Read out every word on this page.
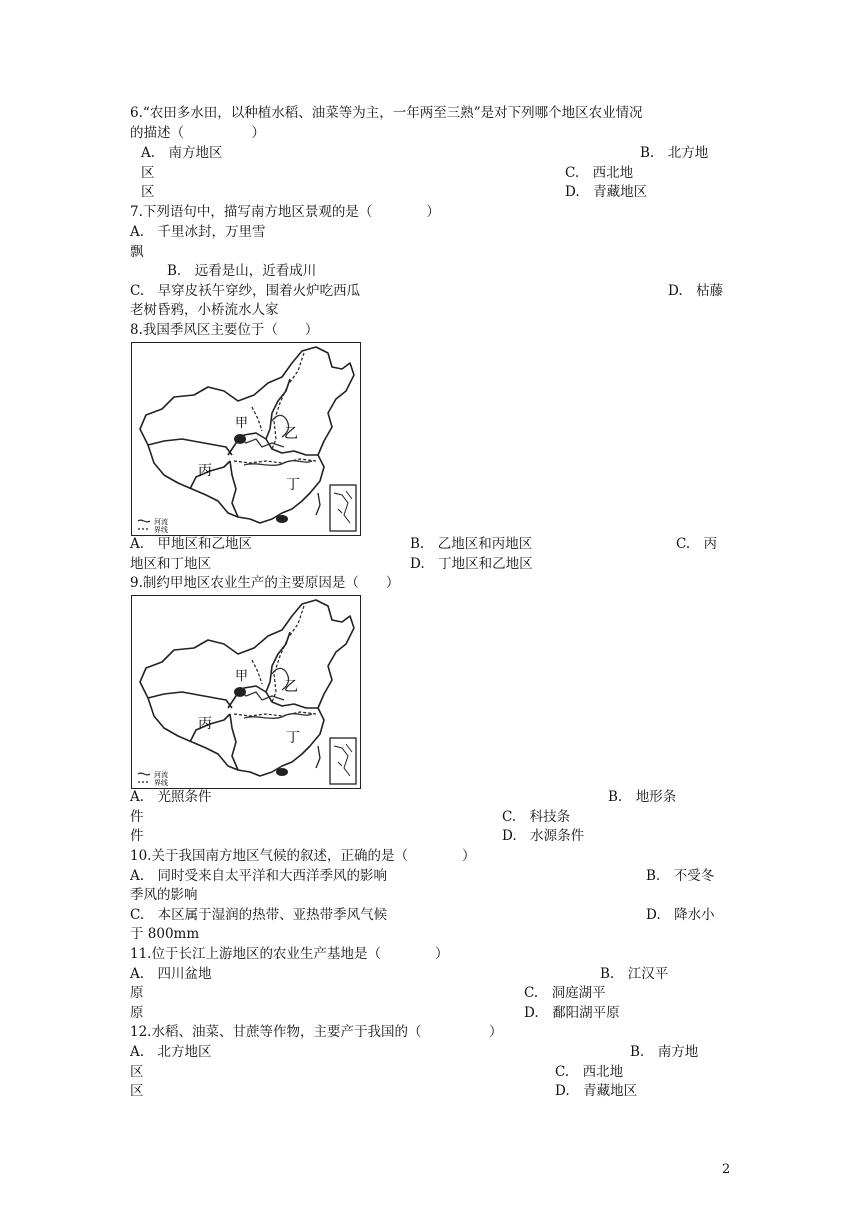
6.“农田多水田，以种植水稻、油菜等为主，一年两至三熟”是对下列哪个地区农业情况
的描述（　　　　　）
A.　南方地区	B.　北方地
区	C.　西北地
区	D.　青藏地区
7.下列语句中，描写南方地区景观的是（　　　　）
A.　千里冰封，万里雪
飘
B.　远看是山，近看成川
C.　早穿皮袄午穿纱，围着火炉吃西瓜	D.　枯藤
老树昏鸦，小桥流水人家
8.我国季风区主要位于（　　）
甲
乙
丙
丁
河流
界线
A.　甲地区和乙地区	B.　乙地区和丙地区	C.　丙
地区和丁地区	D.　丁地区和乙地区
9.制约甲地区农业生产的主要原因是（　　）
甲
乙
丙
丁
河流
界线
A.　光照条件	B.　地形条
件	C.　科技条
件	D.　水源条件
10.关于我国南方地区气候的叙述，正确的是（　　　　）
A.　同时受来自太平洋和大西洋季风的影响	B.　不受冬
季风的影响
C.　本区属于湿润的热带、亚热带季风气候	D.　降水小
于 800mm
11.位于长江上游地区的农业生产基地是（　　　　）
A.　四川盆地	B.　江汉平
原	C.　洞庭湖平
原	D.　鄱阳湖平原
12.水稻、油菜、甘蔗等作物，主要产于我国的（　　　　　）
A.　北方地区	B.　南方地
区	C.　西北地
区	D.　青藏地区
2
